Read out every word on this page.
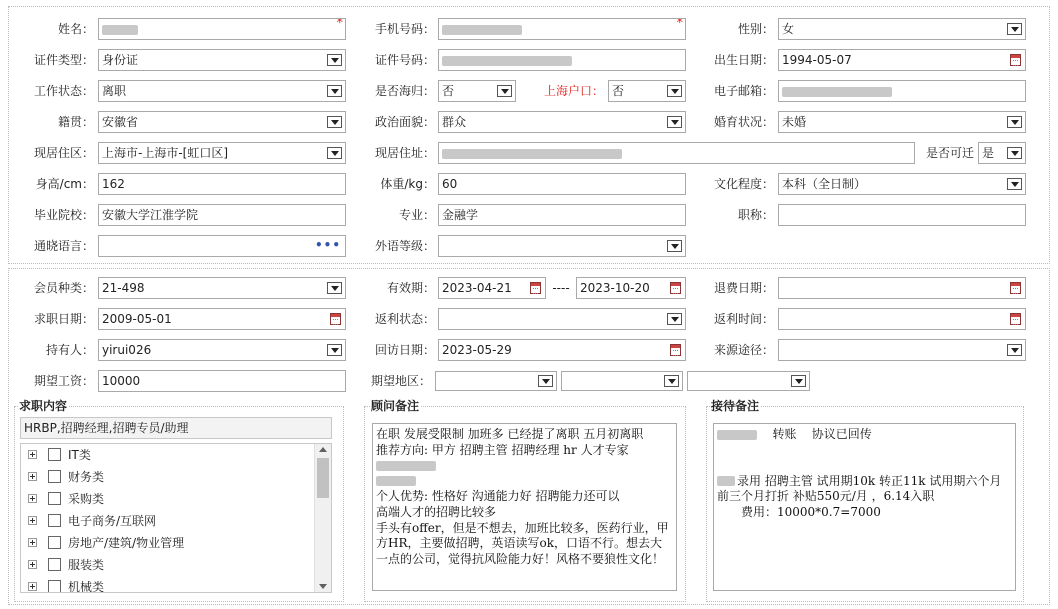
姓名：	*	手机号码：	*	性别： 女
证件类型： 身份证	证件号码：	出生日期： 1994-05-07
工作状态： 离职	是否海归： 否	上海户口： 否	电子邮箱：
籍贯： 安徽省	政治面貌： 群众	婚育状况： 未婚
现居住区： 上海市-上海市-[虹口区]	现居住址：	是否可迁 是
身高/cm： 162	体重/kg： 60	文化程度： 本科（全日制）
毕业院校： 安徽大学江淮学院	专业： 金融学	职称：
通晓语言：	•••	外语等级：
会员种类： 21-498	有效期： 2023-04-21	---- 2023-10-20	退费日期：
求职日期： 2009-05-01	返利状态：	返利时间：
持有人： yirui026	回访日期： 2023-05-29	来源途径：
期望工资： 10000	期望地区：
求职内容
HRBP,招聘经理,招聘专员/助理
IT类
财务类
采购类
电子商务/互联网
房地产/建筑/物业管理
服装类
机械类
顾问备注

在职 发展受限制 加班多 已经提了离职 五月初离职

推荐方向: 甲方 招聘主管 招聘经理 hr 人才专家

个人优势: 性格好 沟通能力好 招聘能力还可以

高端人才的招聘比较多

手头有offer，但是不想去，加班比较多，医药行业，甲方HR，主要做招聘，英语读写ok，口语不行。想去大一点的公司，觉得抗风险能力好！风格不要狼性文化！

接待备注

转账 协议已回传

录用 招聘主管 试用期10k 转正11k 试用期六个月

前三个月打折 补贴550元/月 ，6.14入职

费用：10000*0.7=7000
